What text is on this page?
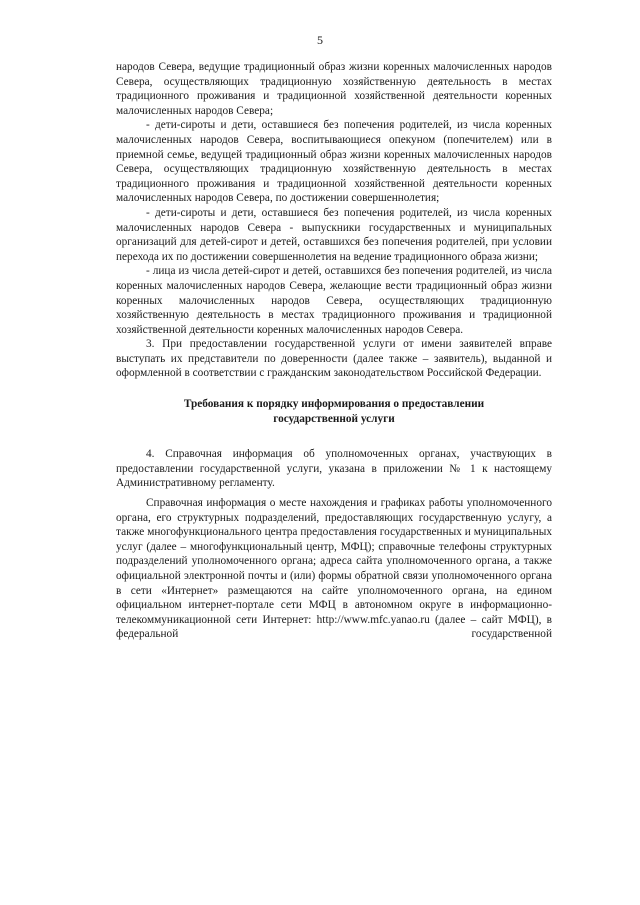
5

народов Севера, ведущие традиционный образ жизни коренных малочисленных народов Севера, осуществляющих традиционную хозяйственную деятельность в местах традиционного проживания и традиционной хозяйственной деятельности коренных малочисленных народов Севера;

- дети-сироты и дети, оставшиеся без попечения родителей, из числа коренных малочисленных народов Севера, воспитывающиеся опекуном (попечителем) или в приемной семье, ведущей традиционный образ жизни коренных малочисленных народов Севера, осуществляющих традиционную хозяйственную деятельность в местах традиционного проживания и традиционной хозяйственной деятельности коренных малочисленных народов Севера, по достижении совершеннолетия;

- дети-сироты и дети, оставшиеся без попечения родителей, из числа коренных малочисленных народов Севера - выпускники государственных и муниципальных организаций для детей-сирот и детей, оставшихся без попечения родителей, при условии перехода их по достижении совершеннолетия на ведение традиционного образа жизни;

- лица из числа детей-сирот и детей, оставшихся без попечения родителей, из числа коренных малочисленных народов Севера, желающие вести традиционный образ жизни коренных малочисленных народов Севера, осуществляющих традиционную хозяйственную деятельность в местах традиционного проживания и традиционной хозяйственной деятельности коренных малочисленных народов Севера.

3. При предоставлении государственной услуги от имени заявителей вправе выступать их представители по доверенности (далее также – заявитель), выданной и оформленной в соответствии с гражданским законодательством Российской Федерации.

Требования к порядку информирования о предоставлении
государственной услуги

4. Справочная информация об уполномоченных органах, участвующих в предоставлении государственной услуги, указана в приложении № 1 к настоящему Административному регламенту.

Справочная информация о месте нахождения и графиках работы уполномоченного органа, его структурных подразделений, предоставляющих государственную услугу, а также многофункционального центра предоставления государственных и муниципальных услуг (далее – многофункциональный центр, МФЦ); справочные телефоны структурных подразделений уполномоченного органа; адреса сайта уполномоченного органа, а также официальной электронной почты и (или) формы обратной связи уполномоченного органа в сети «Интернет» размещаются на сайте уполномоченного органа, на едином официальном интернет-портале сети МФЦ в автономном округе в информационно-телекоммуникационной сети Интернет: http://www.mfc.yanao.ru (далее – сайт МФЦ), в федеральной государственной
